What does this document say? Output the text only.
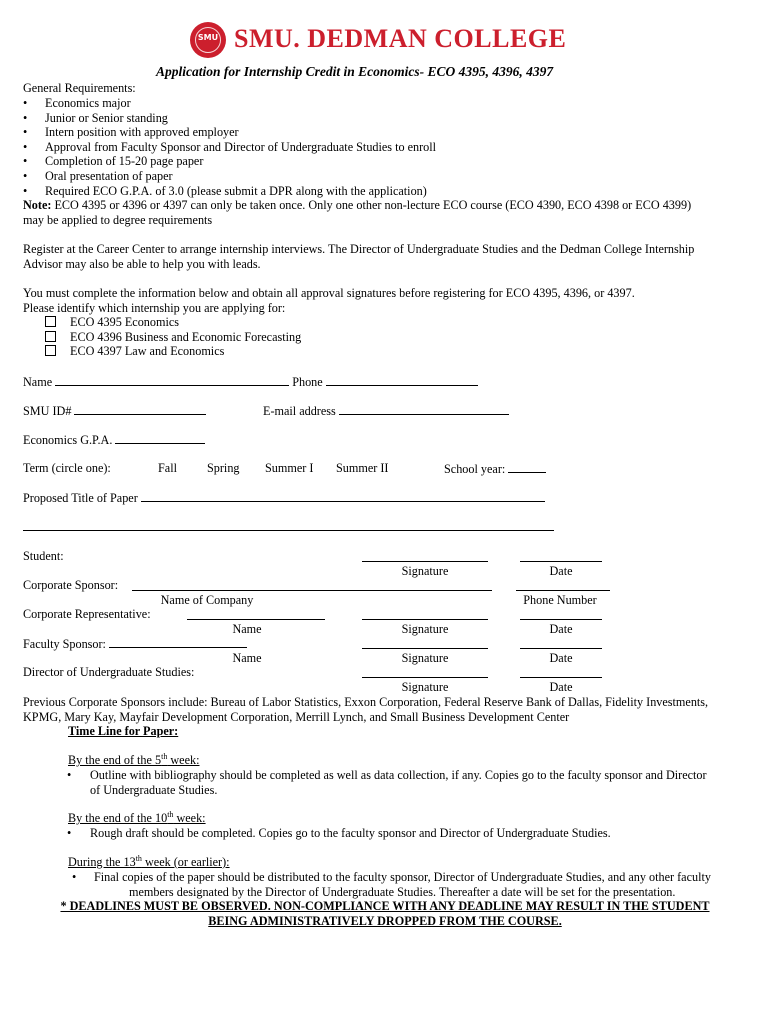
SMU SMU. DEDMAN COLLEGE
Application for Internship Credit in Economics- ECO 4395, 4396, 4397
General Requirements:
• Economics major
• Junior or Senior standing
• Intern position with approved employer
• Approval from Faculty Sponsor and Director of Undergraduate Studies to enroll
• Completion of 15-20 page paper
• Oral presentation of paper
• Required ECO G.P.A. of 3.0 (please submit a DPR along with the application)
Note: ECO 4395 or 4396 or 4397 can only be taken once. Only one other non-lecture ECO course (ECO 4390, ECO 4398 or ECO 4399)
may be applied to degree requirements
Register at the Career Center to arrange internship interviews. The Director of Undergraduate Studies and the Dedman College Internship
Advisor may also be able to help you with leads.
You must complete the information below and obtain all approval signatures before registering for ECO 4395, 4396, or 4397.
Please identify which internship you are applying for:
ECO 4395 Economics
ECO 4396 Business and Economic Forecasting
ECO 4397 Law and Economics
Name	Phone
SMU ID#	E-mail address
Economics G.P.A.
Term (circle one):	Fall Spring Summer I Summer II	School year:
Proposed Title of Paper
Student:
Signature	Date
Corporate Sponsor:
Name of Company	Phone Number
Corporate Representative:
Name	Signature	Date
Faculty Sponsor:
Name	Signature	Date
Director of Undergraduate Studies:
Signature	Date
Previous Corporate Sponsors include: Bureau of Labor Statistics, Exxon Corporation, Federal Reserve Bank of Dallas, Fidelity Investments,
KPMG, Mary Kay, Mayfair Development Corporation, Merrill Lynch, and Small Business Development Center
Time Line for Paper:
By the end of the 5th week:
• Outline with bibliography should be completed as well as data collection, if any. Copies go to the faculty sponsor and Director
of Undergraduate Studies.
By the end of the 10th week:
• Rough draft should be completed. Copies go to the faculty sponsor and Director of Undergraduate Studies.
During the 13th week (or earlier):
• Final copies of the paper should be distributed to the faculty sponsor, Director of Undergraduate Studies, and any other faculty
members designated by the Director of Undergraduate Studies. Thereafter a date will be set for the presentation.
* DEADLINES MUST BE OBSERVED. NON-COMPLIANCE WITH ANY DEADLINE MAY RESULT IN THE STUDENT
BEING ADMINISTRATIVELY DROPPED FROM THE COURSE.
